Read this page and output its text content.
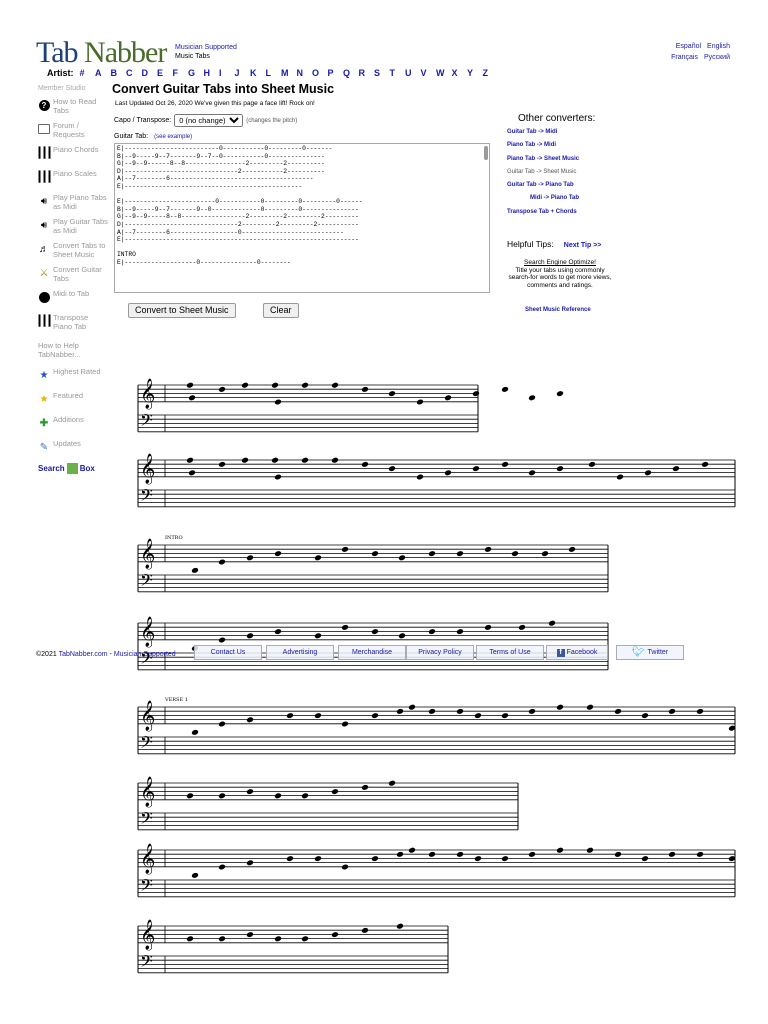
Tab Nabber Musician Supported
Music Tabs
Español English
Français Pyccкий
Artist: # A B C D E F G H I J K L M N O P Q R S T U V W X Y Z
Member Studio
? How to Read Tabs
Forum / Requests
┃┃┃ Piano Chords
┃┃┃ Piano Scales
🔊︎ Play Piano Tabs as Midi
🔊︎ Play Guitar Tabs as Midi
♬ Convert Tabs to Sheet Music
⚔︎ Convert Guitar Tabs
Midi to Tab
┃┃┃ Transpose Piano Tab
How to Help TabNabber...
★ Highest Rated
★ Featured
✚ Additions
✎ Updates
Search Box
Convert Guitar Tabs into Sheet Music
Last Updated Oct 26, 2020 We've given this page a face lift! Rock on!
Capo / Transpose:
0 (no change)	(changes the pitch)
Guitar Tab: (see example)
E|-------------------------0-----------0---------0-------
B|--9-----9--7-------9--7--0-----------0---------------
G|--9--9------8--8----------------2---------2----------
D|------------------------------2-----------2----------
A|--7--------6--------------------------------------
E|-----------------------------------------------

E|------------------------0-----------0---------0---------0------
B|--9-----9--7-------9--0-------------0---------0---------------
G|--9--9-----8--8-----------------2---------2---------2---------
D|------------------------------2---------2---------2-----------
A|--7--------6------------------0---------------------------
E|--------------------------------------------------------------

INTRO
E|-------------------0---------------0--------
Convert to Sheet Music	Clear
Other converters:
Guitar Tab -> Midi
Piano Tab -> Midi
Piano Tab -> Sheet Music
Guitar Tab -> Sheet Music
Guitar Tab -> Piano Tab
Midi -> Piano Tab
Transpose Tab + Chords
Helpful Tips: Next Tip >>
Search Engine Optimize!
Title your tabs using commonly search-for words to get more views, comments and ratings.
Sheet Music Reference
𝄞
𝄢
𝄞
𝄢
𝄞
𝄢
INTRO
𝄞
𝄢
𝄞
𝄢
VERSE 1
𝄞
𝄢
𝄞
𝄢
𝄞
𝄢
©2021 TabNabber.com - Musician Supported	Contact Us	Advertising	Merchandise	Privacy Policy	Terms of Use	f Facebook	🐦︎ Twitter
